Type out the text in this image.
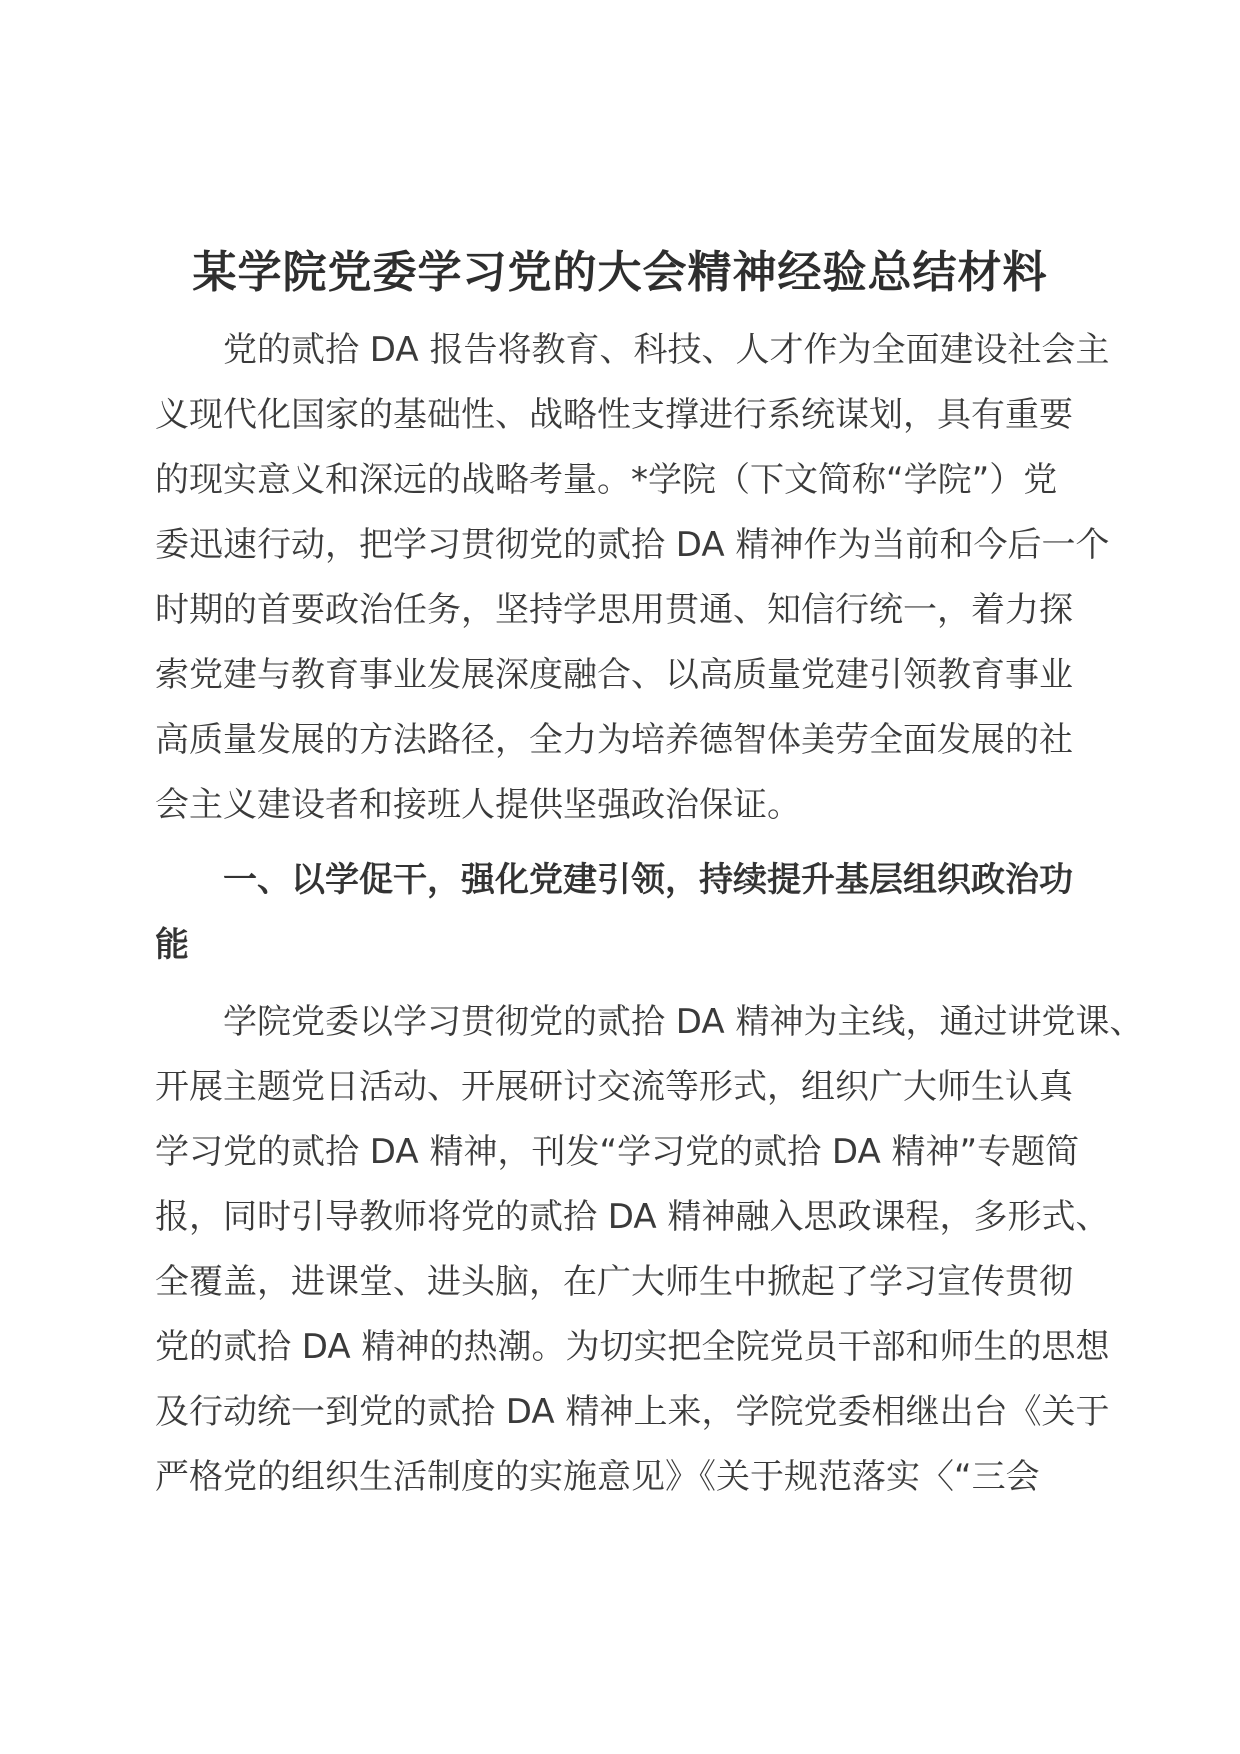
某学院党委学习党的大会精神经验总结材料
党的贰拾 DA 报告将教育、科技、人才作为全面建设社会主
义现代化国家的基础性、战略性支撑进行系统谋划，具有重要
的现实意义和深远的战略考量。*学院（下文简称“学院”）党
委迅速行动，把学习贯彻党的贰拾 DA 精神作为当前和今后一个
时期的首要政治任务，坚持学思用贯通、知信行统一，着力探
索党建与教育事业发展深度融合、以高质量党建引领教育事业
高质量发展的方法路径，全力为培养德智体美劳全面发展的社
会主义建设者和接班人提供坚强政治保证。
一、以学促干，强化党建引领，持续提升基层组织政治功
能
学院党委以学习贯彻党的贰拾 DA 精神为主线，通过讲党课、
开展主题党日活动、开展研讨交流等形式，组织广大师生认真
学习党的贰拾 DA 精神，刊发“学习党的贰拾 DA 精神”专题简
报，同时引导教师将党的贰拾 DA 精神融入思政课程，多形式、
全覆盖，进课堂、进头脑，在广大师生中掀起了学习宣传贯彻
党的贰拾 DA 精神的热潮。为切实把全院党员干部和师生的思想
及行动统一到党的贰拾 DA 精神上来，学院党委相继出台《关于
严格党的组织生活制度的实施意见》《关于规范落实〈“三会
